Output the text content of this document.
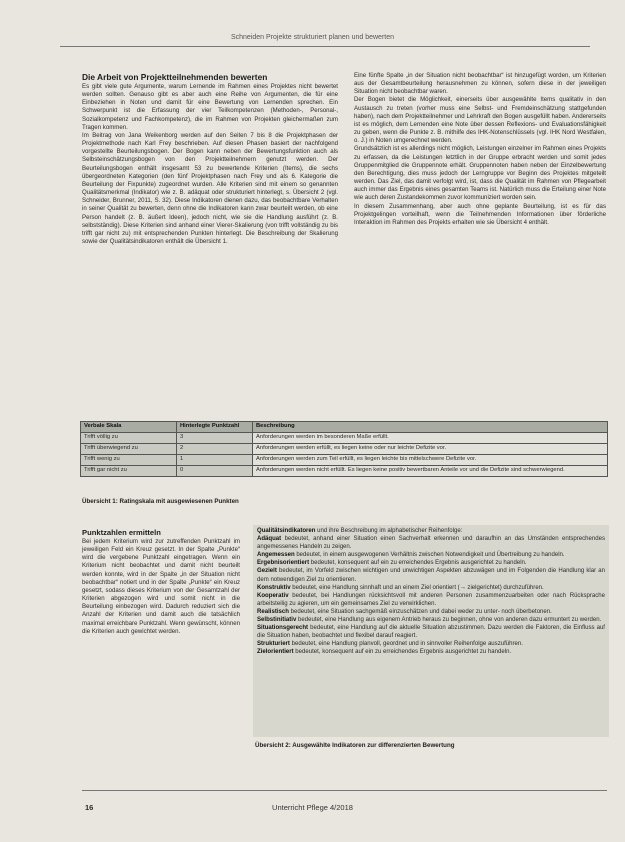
Schneiden Projekte strukturiert planen und bewerten
Die Arbeit von Projektteilnehmenden bewerten

Es gibt viele gute Argumente, warum Lernende im Rahmen eines Projektes nicht bewertet werden sollten. Genauso gibt es aber auch eine Reihe von Argumenten, die für eine Einbeziehen in Noten und damit für eine Bewertung von Lernenden sprechen. Ein Schwerpunkt ist die Erfassung der vier Teilkompetenzen (Methoden-, Personal-, Sozialkompetenz und Fachkompetenz), die im Rahmen von Projekten gleichermaßen zum Tragen kommen.

Im Beitrag von Jana Weikenborg werden auf den Seiten 7 bis 8 die Projektphasen der Projektmethode nach Karl Frey beschrieben. Auf diesen Phasen basiert der nachfolgend vorgestellte Beurteilungsbogen. Der Bogen kann neben der Bewertungsfunktion auch als Selbsteinschätzungsbogen von den Projektteilnehmern genutzt werden. Der Beurteilungsbogen enthält insgesamt 53 zu bewertende Kriterien (Items), die sechs übergeordneten Kategorien (den fünf Projektphasen nach Frey und als 6. Kategorie die Beurteilung der Fixpunkte) zugeordnet wurden. Alle Kriterien sind mit einem so genannten Qualitätsmerkmal (Indikator) wie z. B. adäquat oder strukturiert hinterlegt, s. Übersicht 2 (vgl. Schneider, Brunner, 2011, S. 32). Diese Indikatoren dienen dazu, das beobachtbare Verhalten in seiner Qualität zu bewerten, denn ohne die Indikatoren kann zwar beurteilt werden, ob eine Person handelt (z. B. äußert Ideen), jedoch nicht, wie sie die Handlung ausführt (z. B. selbstständig). Diese Kriterien sind anhand einer Vierer-Skalierung (von trifft vollständig zu bis trifft gar nicht zu) mit entsprechenden Punkten hinterlegt. Die Beschreibung der Skalierung sowie der Qualitätsindikatoren enthält die Übersicht 1.

Eine fünfte Spalte „in der Situation nicht beobachtbar“ ist hinzugefügt worden, um Kriterien aus der Gesamtbeurteilung herausnehmen zu können, sofern diese in der jeweiligen Situation nicht beobachtbar waren.

Der Bogen bietet die Möglichkeit, einerseits über ausgewählte Items qualitativ in den Austausch zu treten (vorher muss eine Selbst- und Fremdeinschätzung stattgefunden haben), nach dem Projektteilnehmer und Lehrkraft den Bogen ausgefüllt haben. Andererseits ist es möglich, dem Lernenden eine Note über dessen Reflexions- und Evaluationsfähigkeit zu geben, wenn die Punkte z. B. mithilfe des IHK-Notenschlüssels (vgl. IHK Nord Westfalen, o. J.) in Noten umgerechnet werden.

Grundsätzlich ist es allerdings nicht möglich, Leistungen einzelner im Rahmen eines Projekts zu erfassen, da die Leistungen letztlich in der Gruppe erbracht werden und somit jedes Gruppenmitglied die Gruppennote erhält. Gruppennoten haben neben der Einzelbewertung den Berechtigung, dies muss jedoch der Lerngruppe vor Beginn des Projektes mitgeteilt werden. Das Ziel, das damit verfolgt wird, ist, dass die Qualität im Rahmen von Pflegearbeit auch immer das Ergebnis eines gesamten Teams ist. Natürlich muss die Erteilung einer Note wie auch deren Zustandekommen zuvor kommuniziert worden sein.

In diesem Zusammenhang, aber auch ohne geplante Beurteilung, ist es für das Projektgelingen vorteilhaft, wenn die Teilnehmenden Informationen über förderliche Interaktion im Rahmen des Projekts erhalten wie sie Übersicht 4 enthält.

Verbale Skala	Hinterlegte Punktzahl	Beschreibung
Trifft völlig zu	3	Anforderungen werden im besonderen Maße erfüllt.
Trifft überwiegend zu	2	Anforderungen werden erfüllt, es liegen keine oder nur leichte Defizite vor.
Trifft wenig zu	1	Anforderungen werden zum Teil erfüllt, es liegen leichte bis mittelschwere Defizite vor.
Trifft gar nicht zu	0	Anforderungen werden nicht erfüllt. Es liegen keine positiv bewertbaren Anteile vor und die Defizite sind schwerwiegend.
Übersicht 1: Ratingskala mit ausgewiesenen Punkten
Punktzahlen ermitteln

Bei jedem Kriterium wird zur zutreffenden Punktzahl im jeweiligen Feld ein Kreuz gesetzt. In der Spalte „Punkte“ wird die vergebene Punktzahl eingetragen. Wenn ein Kriterium nicht beobachtet und damit nicht beurteilt werden konnte, wird in der Spalte „in der Situation nicht beobachtbar“ notiert und in der Spalte „Punkte“ ein Kreuz gesetzt, sodass dieses Kriterium von der Gesamtzahl der Kriterien abgezogen wird und somit nicht in die Beurteilung einbezogen wird. Dadurch reduziert sich die Anzahl der Kriterien und damit auch die tatsächlich maximal erreichbare Punktzahl. Wenn gewünscht, können die Kriterien auch gewichtet werden.

Qualitätsindikatoren und ihre Beschreibung im alphabetischer Reihenfolge:

Adäquat bedeutet, anhand einer Situation einen Sachverhalt erkennen und daraufhin an das Umständen entsprechendes angemessenes Handeln zu zeigen.

Angemessen bedeutet, in einem ausgewogenen Verhältnis zwischen Notwendigkeit und Übertreibung zu handeln.

Ergebnisorientiert bedeutet, konsequent auf ein zu erreichendes Ergebnis ausgerichtet zu handeln.

Gezielt bedeutet, im Vorfeld zwischen wichtigen und unwichtigen Aspekten abzuwägen und im Folgenden die Handlung klar an dem notwendigen Ziel zu orientieren.

Konstruktiv bedeutet, eine Handlung sinnhaft und an einem Ziel orientiert (→ zielgerichtet) durchzuführen.

Kooperativ bedeutet, bei Handlungen rücksichtsvoll mit anderen Personen zusammenzuarbeiten oder nach Rücksprache arbeitsteilig zu agieren, um ein gemeinsames Ziel zu verwirklichen.

Realistisch bedeutet, eine Situation sachgemäß einzuschätzen und dabei weder zu unter- noch überbetonen.

Selbstinitiativ bedeutet, eine Handlung aus eigenem Antrieb heraus zu beginnen, ohne von anderen dazu ermuntert zu werden.

Situationsgerecht bedeutet, eine Handlung auf die aktuelle Situation abzustimmen. Dazu werden die Faktoren, die Einfluss auf die Situation haben, beobachtet und flexibel darauf reagiert.

Strukturiert bedeutet, eine Handlung planvoll, geordnet und in sinnvoller Reihenfolge auszuführen.

Zielorientiert bedeutet, konsequent auf ein zu erreichendes Ergebnis ausgerichtet zu handeln.

Übersicht 2: Ausgewählte Indikatoren zur differenzierten Bewertung
16	Unterricht Pflege 4/2018
